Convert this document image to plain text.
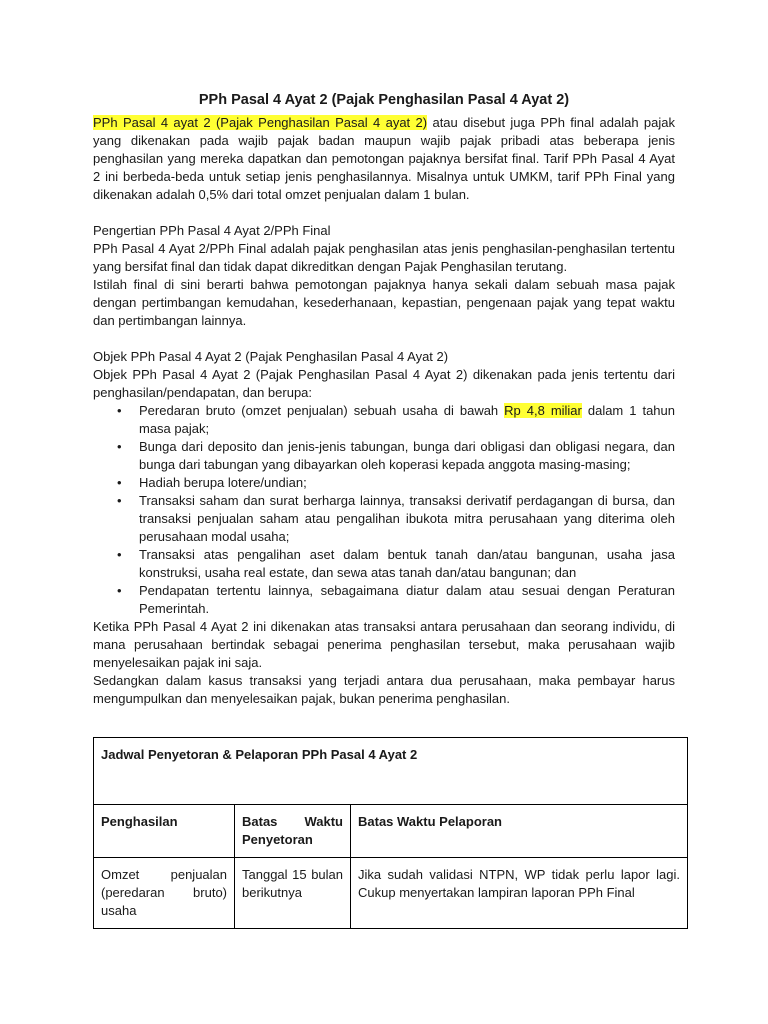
PPh Pasal 4 Ayat 2 (Pajak Penghasilan Pasal 4 Ayat 2)

PPh Pasal 4 ayat 2 (Pajak Penghasilan Pasal 4 ayat 2) atau disebut juga PPh final adalah pajak yang dikenakan pada wajib pajak badan maupun wajib pajak pribadi atas beberapa jenis penghasilan yang mereka dapatkan dan pemotongan pajaknya bersifat final. Tarif PPh Pasal 4 Ayat 2 ini berbeda-beda untuk setiap jenis penghasilannya. Misalnya untuk UMKM, tarif PPh Final yang dikenakan adalah 0,5% dari total omzet penjualan dalam 1 bulan.

Pengertian PPh Pasal 4 Ayat 2/PPh Final

PPh Pasal 4 Ayat 2/PPh Final adalah pajak penghasilan atas jenis penghasilan-penghasilan tertentu yang bersifat final dan tidak dapat dikreditkan dengan Pajak Penghasilan terutang.

Istilah final di sini berarti bahwa pemotongan pajaknya hanya sekali dalam sebuah masa pajak dengan pertimbangan kemudahan, kesederhanaan, kepastian, pengenaan pajak yang tepat waktu dan pertimbangan lainnya.

Objek PPh Pasal 4 Ayat 2 (Pajak Penghasilan Pasal 4 Ayat 2)

Objek PPh Pasal 4 Ayat 2 (Pajak Penghasilan Pasal 4 Ayat 2) dikenakan pada jenis tertentu dari penghasilan/pendapatan, dan berupa:

• Peredaran bruto (omzet penjualan) sebuah usaha di bawah Rp 4,8 miliar dalam 1 tahun masa pajak;
• Bunga dari deposito dan jenis-jenis tabungan, bunga dari obligasi dan obligasi negara, dan bunga dari tabungan yang dibayarkan oleh koperasi kepada anggota masing-masing;
• Hadiah berupa lotere/undian;
• Transaksi saham dan surat berharga lainnya, transaksi derivatif perdagangan di bursa, dan transaksi penjualan saham atau pengalihan ibukota mitra perusahaan yang diterima oleh perusahaan modal usaha;
• Transaksi atas pengalihan aset dalam bentuk tanah dan/atau bangunan, usaha jasa konstruksi, usaha real estate, dan sewa atas tanah dan/atau bangunan; dan
• Pendapatan tertentu lainnya, sebagaimana diatur dalam atau sesuai dengan Peraturan Pemerintah.

Ketika PPh Pasal 4 Ayat 2 ini dikenakan atas transaksi antara perusahaan dan seorang individu, di mana perusahaan bertindak sebagai penerima penghasilan tersebut, maka perusahaan wajib menyelesaikan pajak ini saja.

Sedangkan dalam kasus transaksi yang terjadi antara dua perusahaan, maka pembayar harus mengumpulkan dan menyelesaikan pajak, bukan penerima penghasilan.

Jadwal Penyetoran & Pelaporan PPh Pasal 4 Ayat 2		
Penghasilan	Batas Waktu Penyetoran	Batas Waktu Pelaporan
Omzet penjualan (peredaran bruto) usaha	Tanggal 15 bulan berikutnya	Jika sudah validasi NTPN, WP tidak perlu lapor lagi. Cukup menyertakan lampiran laporan PPh Final
